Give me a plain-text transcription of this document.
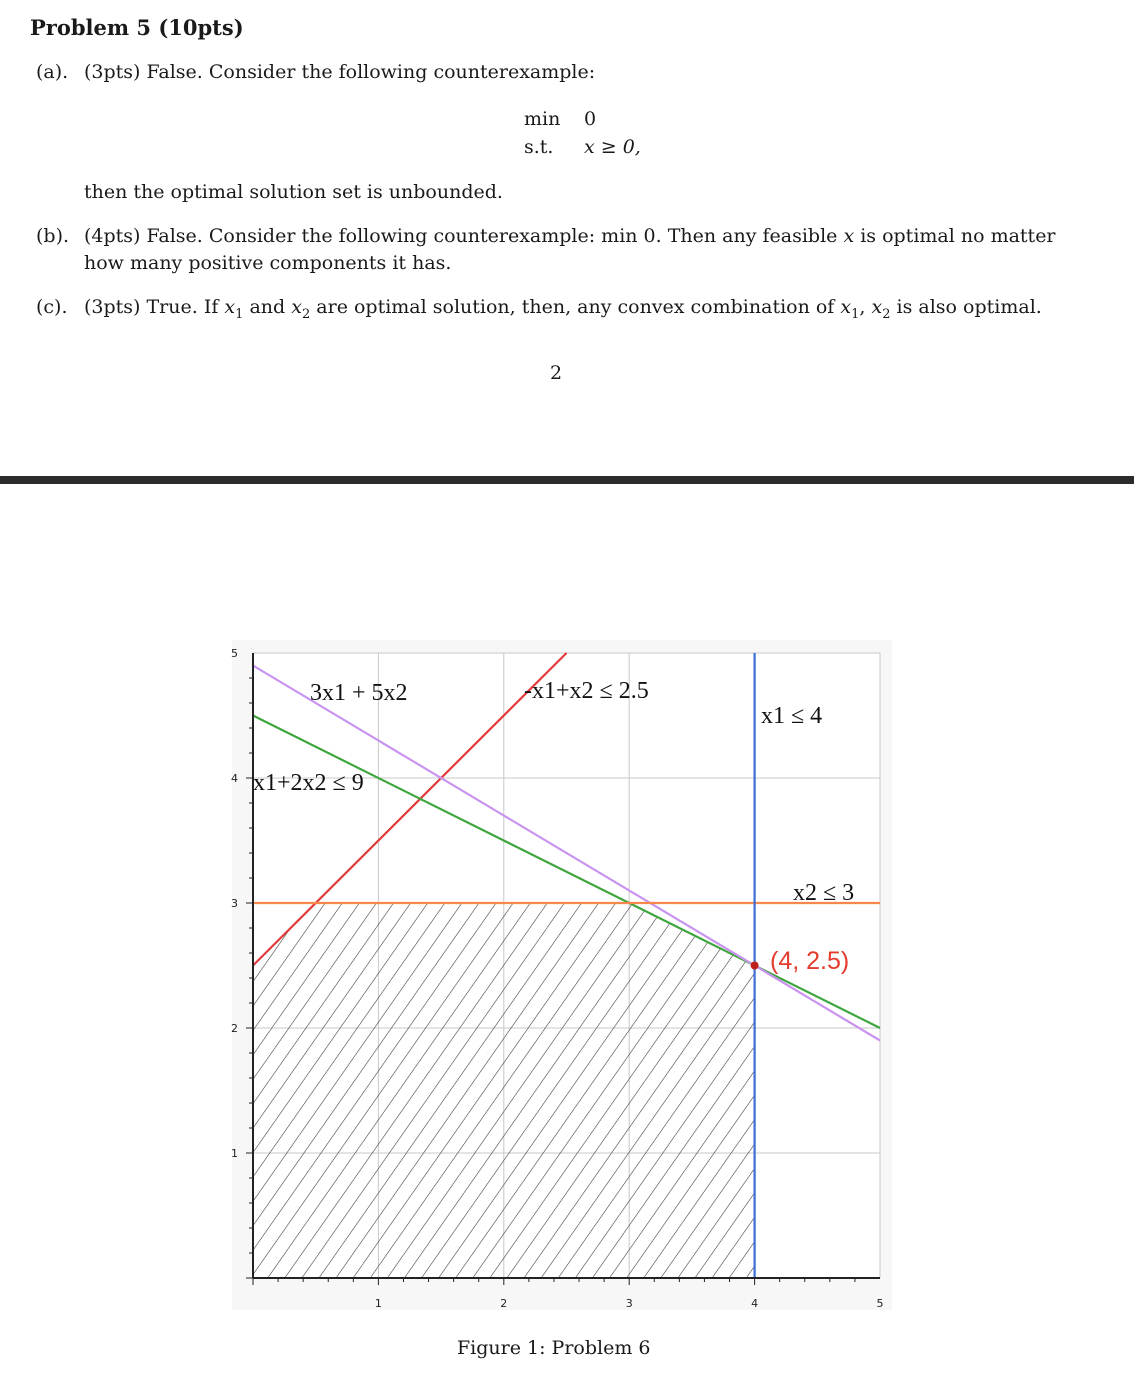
Problem 5 (10pts)
(a). (3pts) False. Consider the following counterexample:
min 0
s.t. x ≥ 0,
then the optimal solution set is unbounded.
(b). (4pts) False. Consider the following counterexample: min 0. Then any feasible x is optimal no matter
how many positive components it has.
(c). (3pts) True. If $x_1$ and $x_2$ are optimal solution, then, any convex combination of $x_1$, $x_2$ is also optimal.
2
1	2	3	4	5
1
2
3
4
5
3x1 + 5x2	-x1+x2 ≤ 2.5
x1+2x2 ≤ 9
x1 ≤ 4
x2 ≤ 3
(4, 2.5)
Figure 1: Problem 6
